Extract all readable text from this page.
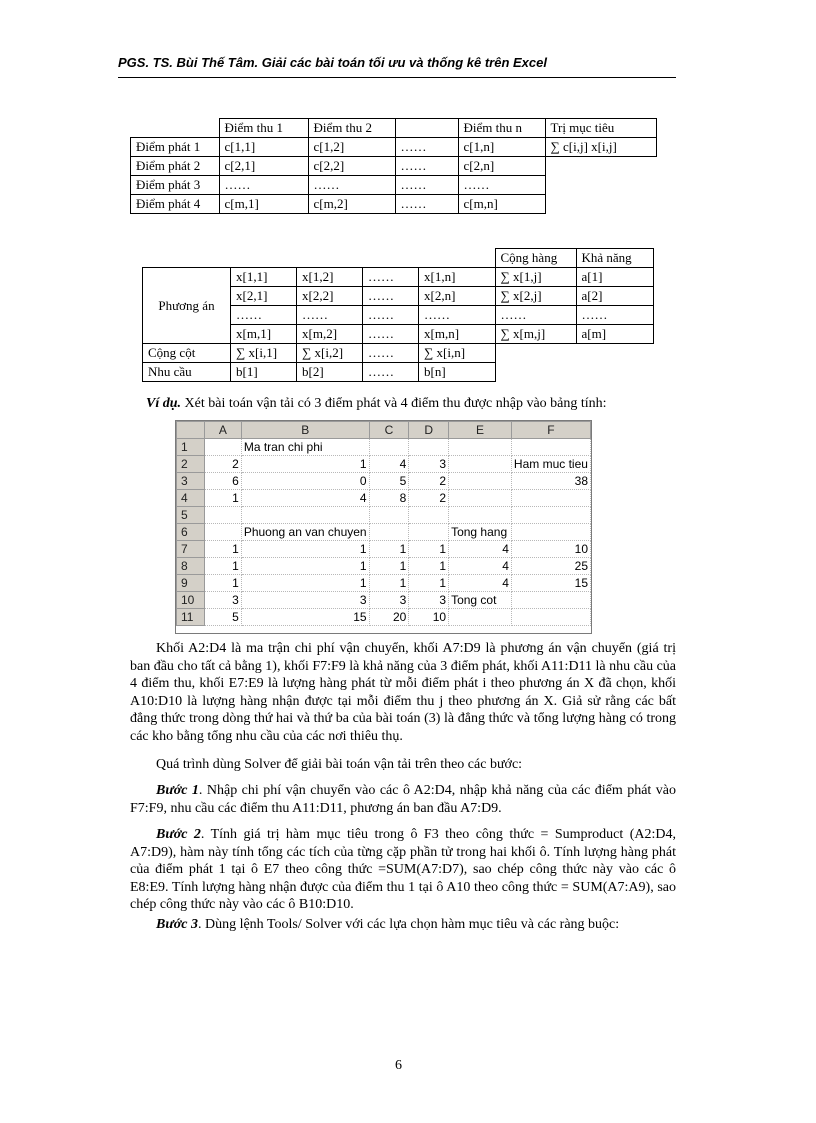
PGS. TS. Bùi Thế Tâm. Giải các bài toán tối ưu và thống kê trên Excel
	Điểm thu 1	Điểm thu 2		Điểm thu n	Trị mục tiêu
Điểm phát 1	c[1,1]	c[1,2]	……	c[1,n]	∑ c[i,j] x[i,j]
Điểm phát 2	c[2,1]	c[2,2]	……	c[2,n]	
Điểm phát 3	……	……	……	……	
Điểm phát 4	c[m,1]	c[m,2]	……	c[m,n]	
					Cộng hàng	Khả năng
Phương án	x[1,1]	x[1,2]	……	x[1,n]	∑ x[1,j]	a[1]
	x[2,1]	x[2,2]	……	x[2,n]	∑ x[2,j]	a[2]
	……	……	……	……	……	……
	x[m,1]	x[m,2]	……	x[m,n]	∑ x[m,j]	a[m]
Cộng cột	∑ x[i,1]	∑ x[i,2]	……	∑ x[i,n]		
Nhu cầu	b[1]	b[2]	……	b[n]		
Ví dụ. Xét bài toán vận tải có 3 điểm phát và 4 điểm thu được nhập vào bảng tính:
	A	B	C	D	E	F
1		Ma tran chi phi				
2	2	1	4	3		Ham muc tieu
3	6	0	5	2		38
4	1	4	8	2		
5						
6		Phuong an van chuyen			Tong hang	
7	1	1	1	1	4	10
8	1	1	1	1	4	25
9	1	1	1	1	4	15
10	3	3	3	3	Tong cot	
11	5	15	20	10		
Khối A2:D4 là ma trận chi phí vận chuyển, khối A7:D9 là phương án vận chuyển (giá trị ban đầu cho tất cả bằng 1), khối F7:F9 là khả năng của 3 điểm phát, khối A11:D11 là nhu cầu của 4 điểm thu, khối E7:E9 là lượng hàng phát từ mỗi điểm phát i theo phương án X đã chọn, khối A10:D10 là lượng hàng nhận được tại mỗi điểm thu j theo phương án X. Giả sử rằng các bất đẳng thức trong dòng thứ hai và thứ ba của bài toán (3) là đẳng thức và tổng lượng hàng có trong các kho bằng tổng nhu cầu của các nơi thiêu thụ.
Quá trình dùng Solver để giải bài toán vận tải trên theo các bước:
Bước 1. Nhập chi phí vận chuyển vào các ô A2:D4, nhập khả năng của các điểm phát vào F7:F9, nhu cầu các điểm thu A11:D11, phương án ban đầu A7:D9.
Bước 2. Tính giá trị hàm mục tiêu trong ô F3 theo công thức = Sumproduct (A2:D4, A7:D9), hàm này tính tổng các tích của từng cặp phần tử trong hai khối ô. Tính lượng hàng phát của điểm phát 1 tại ô E7 theo công thức =SUM(A7:D7), sao chép công thức này vào các ô E8:E9. Tính lượng hàng nhận được của điểm thu 1 tại ô A10 theo công thức = SUM(A7:A9), sao chép công thức này vào các ô B10:D10.
Bước 3. Dùng lệnh Tools/ Solver với các lựa chọn hàm mục tiêu và các ràng buộc:
6
